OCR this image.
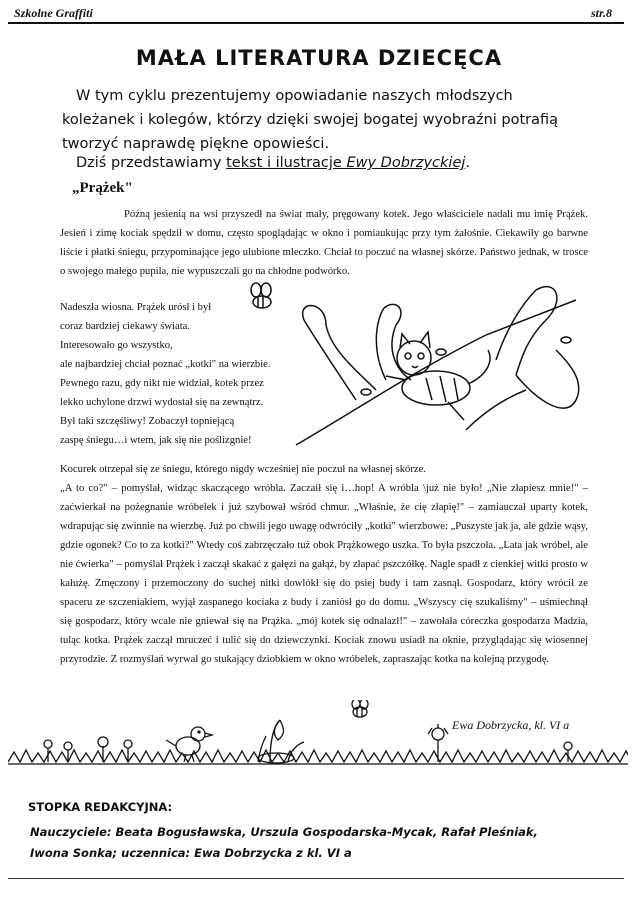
Szkolne Graffiti	str.8
MAŁA LITERATURA DZIECĘCA

W tym cyklu prezentujemy opowiadanie naszych młodszych koleżanek i kolegów, którzy dzięki swojej bogatej wyobraźni potrafią tworzyć naprawdę piękne opowieści.

Dziś przedstawiamy tekst i ilustracje Ewy Dobrzyckiej.
„Prążek"

Późną jesienią na wsi przyszedł na świat mały, pręgowany kotek. Jego właściciele nadali mu imię Prążek. Jesień i zimę kociak spędził w domu, często spoglądając w okno i pomiaukując przy tym żałośnie. Ciekawiły go barwne liście i płatki śniegu, przypominające jego ulubione mleczko. Chciał to poczuć na własnej skórze. Państwo jednak, w trosce o swojego małego pupila, nie wypuszczali go na chłodne podwórko.

Nadeszła wiosna. Prążek urósł i był
coraz bardziej ciekawy świata.
Interesowało go wszystko,
ale najbardziej chciał poznać „kotki" na wierzbie.
Pewnego razu, gdy nikt nie widział, kotek przez
lekko uchylone drzwi wydostał się na zewnątrz.
Był taki szczęśliwy! Zobaczył topniejącą
zaspę śniegu…i wtem, jak się nie poślizgnie!

Kocurek otrzepał się ze śniegu, którego nigdy wcześniej nie poczuł na własnej skórze.

„A to co?" – pomyślał, widząc skaczącego wróbla. Zaczaił się i…hop! A wróbla \już nie było! „Nie złapiesz mnie!" – zaćwierkał na pożegnanie wróbelek i już szybował wśród chmur. „Właśnie, że cię złapię!" – zamiauczał uparty kotek, wdrapując się zwinnie na wierzbę. Już po chwili jego uwagę odwróciły „kotki" wierzbowe: „Puszyste jak ja, ale gdzie wąsy, gdzie ogonek? Co to za kotki?" Wtedy coś zabrzęczało tuż obok Prążkowego uszka. To była pszczoła. „Lata jak wróbel, ale nie ćwierka" – pomyślał Prążek i zaczął skakać z gałęzi na gałąź, by złapać pszczółkę. Nagle spadł z cienkiej witki prosto w kałużę. Zmęczony i przemoczony do suchej nitki dowlókł się do psiej budy i tam zasnął. Gospodarz, który wrócił ze spaceru ze szczeniakiem, wyjął zaspanego kociaka z budy i zaniósł go do domu. „Wszyscy cię szukaliśmy" – uśmiechnął się gospodarz, który wcale nie gniewał się na Prążka. „mój kotek się odnalazł!" – zawołała córeczka gospodarza Madzia, tuląc kotka. Prążek zaczął mruczeć i tulić się do dziewczynki. Kociak znowu usiadł na oknie, przyglądając się wiosennej przyrodzie. Z rozmyślań wyrwał go stukający dziobkiem w okno wróbelek, zapraszając kotka na kolejną przygodę.

Ewa Dobrzycka, kl. VI a
STOPKA REDAKCYJNA:
Nauczyciele: Beata Bogusławska, Urszula Gospodarska-Mycak, Rafał Pleśniak,
Iwona Sonka; uczennica: Ewa Dobrzycka z kl. VI a
